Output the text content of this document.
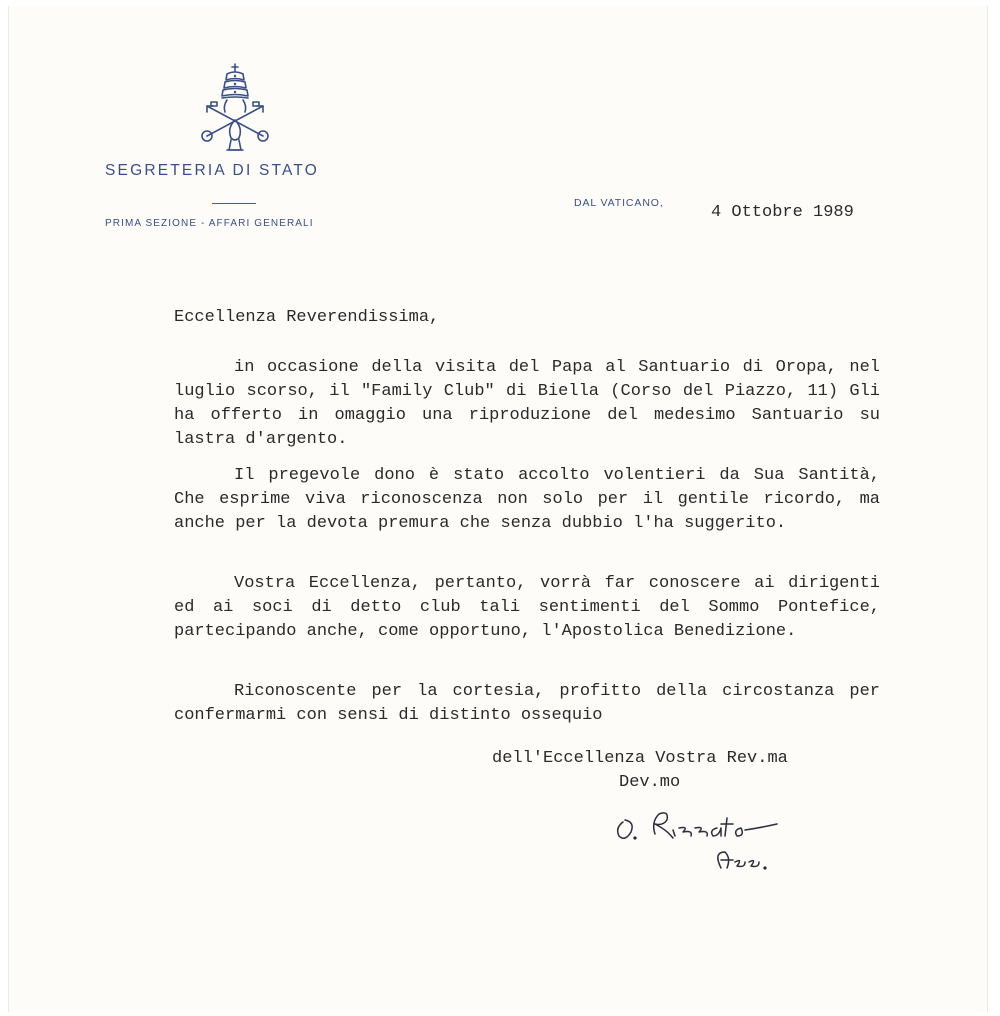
SEGRETERIA DI STATO
PRIMA SEZIONE - AFFARI GENERALI
DAL VATICANO,	4 Ottobre 1989
Eccellenza Reverendissima,

in occasione della visita del Papa al Santuario di Oropa, nel luglio scorso, il "Family Club" di Biella (Corso del Piazzo, 11) Gli ha offerto in omaggio una riproduzione del medesimo Santuario su lastra d'argento.

Il pregevole dono è stato accolto volentieri da Sua Santità, Che esprime viva riconoscenza non solo per il gentile ricordo, ma anche per la devota premura che senza dubbio l'ha suggerito.

Vostra Eccellenza, pertanto, vorrà far conoscere ai dirigenti ed ai soci di detto club tali sentimenti del Sommo Pontefice, partecipando anche, come opportuno, l'Apostolica Benedizione.

Riconoscente per la cortesia, profitto della circostanza per confermarmi con sensi di distinto ossequio

dell'Eccellenza Vostra Rev.ma
Dev.mo
